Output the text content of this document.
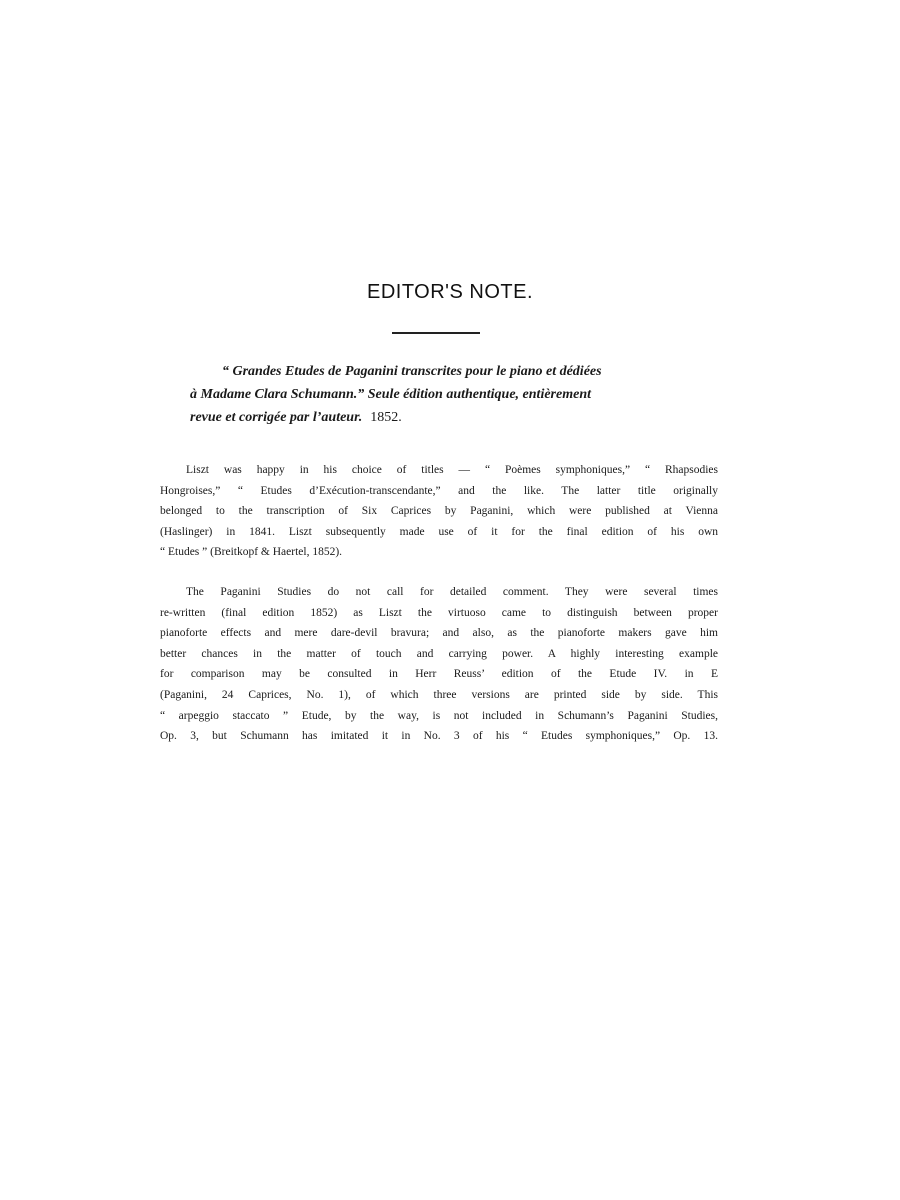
EDITOR'S NOTE.
“ Grandes Etudes de Paganini transcrites pour le piano et dédiées
à Madame Clara Schumann.” Seule édition authentique, entièrement
revue et corrigée par l’auteur. 1852.
Liszt was happy in his choice of titles — “ Poèmes symphoniques,” “ Rhapsodies
Hongroises,” “ Etudes d’Exécution-transcendante,” and the like. The latter title originally
belonged to the transcription of Six Caprices by Paganini, which were published at Vienna
(Haslinger) in 1841. Liszt subsequently made use of it for the final edition of his own
“ Etudes ” (Breitkopf & Haertel, 1852).
The Paganini Studies do not call for detailed comment. They were several times
re-written (final edition 1852) as Liszt the virtuoso came to distinguish between proper
pianoforte effects and mere dare-devil bravura; and also, as the pianoforte makers gave him
better chances in the matter of touch and carrying power. A highly interesting example
for comparison may be consulted in Herr Reuss’ edition of the Etude IV. in E
(Paganini, 24 Caprices, No. 1), of which three versions are printed side by side. This
“ arpeggio staccato ” Etude, by the way, is not included in Schumann’s Paganini Studies,
Op. 3, but Schumann has imitated it in No. 3 of his “ Etudes symphoniques,” Op. 13.
